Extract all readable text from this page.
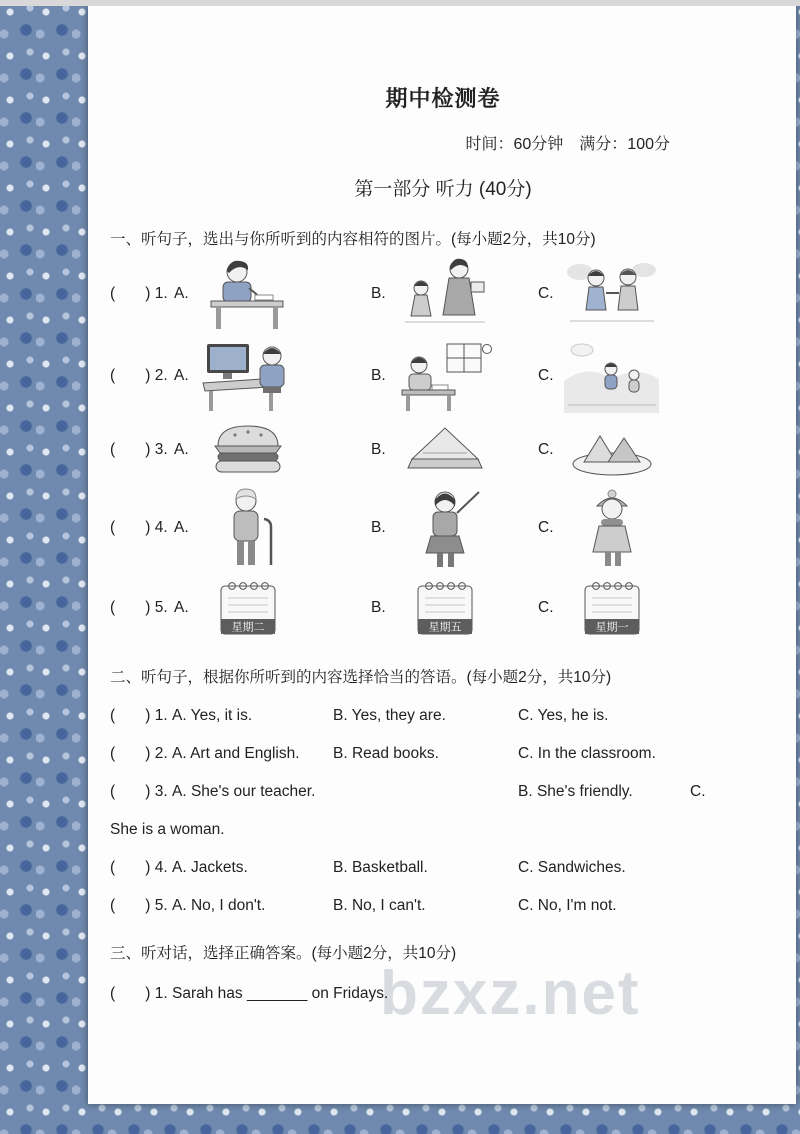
bzxz.net
期中检测卷
时间：60分钟　满分：100分
第一部分 听力 (40分)
一、听句子，选出与你所听到的内容相符的图片。(每小题2分，共10分)
(       ) 1. A.	B.	C.
(       ) 2. A.	B.	C.
(       ) 3. A.	B.	C.
(       ) 4. A.	B.	C.
(       ) 5. A.
星期二
B.
星期五
C.
星期一
二、听句子，根据你所听到的内容选择恰当的答语。(每小题2分，共10分)
(       ) 1. A. Yes, it is.	B. Yes, they are.	C. Yes, he is.
(       ) 2. A. Art and English.	B. Read books.	C. In the classroom.
(       ) 3. A. She's our teacher.	B. She's friendly.	C.
She is a woman.
(       ) 4. A. Jackets.	B. Basketball.	C. Sandwiches.
(       ) 5. A. No, I don't.	B. No, I can't.	C. No, I'm not.
三、听对话，选择正确答案。(每小题2分，共10分)
(       ) 1. Sarah has _______ on Fridays.
